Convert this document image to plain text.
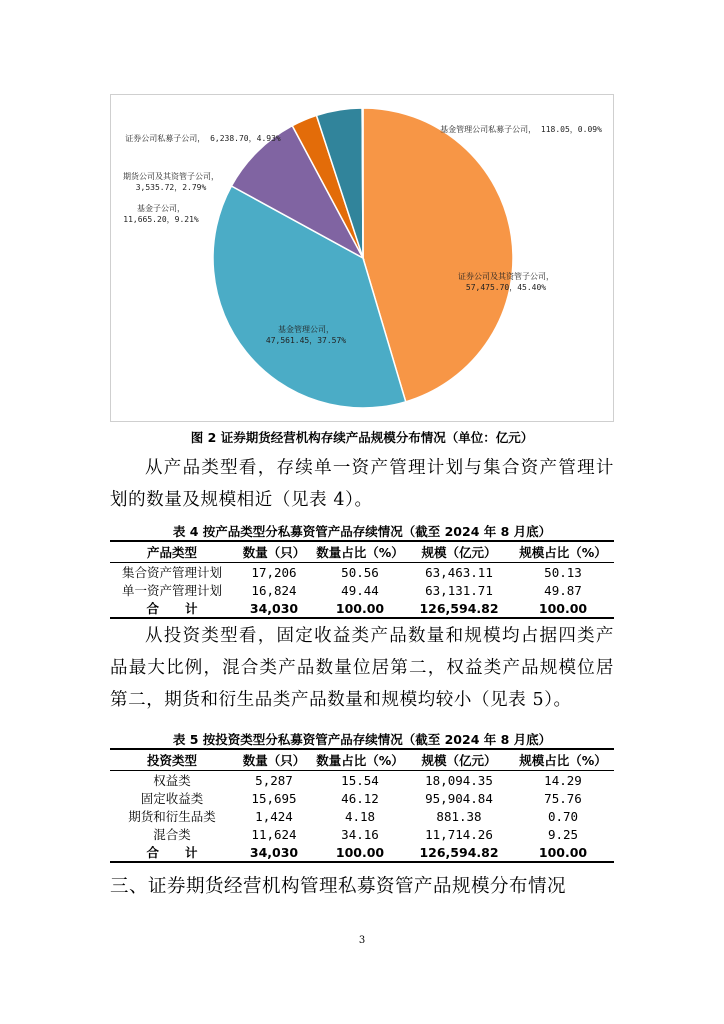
证券公司及其资管子公司， 57,475.70，45.40%
基金管理公司， 47,561.45，37.57%
基金子公司， 11,665.20，9.21%
期货公司及其资管子公司， 3,535.72，2.79%
证券公司私募子公司， 6,238.70，4.93%
基金管理公司私募子公司， 118.05，0.09%
图 2 证券期货经营机构存续产品规模分布情况（单位：亿元）

从产品类型看，存续单一资产管理计划与集合资产管理计划的数量及规模相近（见表 4）。

表 4 按产品类型分私募资管产品存续情况（截至 2024 年 8 月底）
产品类型	数量（只）	数量占比（%）	规模（亿元）	规模占比（%）
集合资产管理计划	17,206	50.56	63,463.11	50.13
单一资产管理计划	16,824	49.44	63,131.71	49.87
合      计	34,030	100.00	126,594.82	100.00

从投资类型看，固定收益类产品数量和规模均占据四类产品最大比例，混合类产品数量位居第二，权益类产品规模位居第二，期货和衍生品类产品数量和规模均较小（见表 5）。

表 5 按投资类型分私募资管产品存续情况（截至 2024 年 8 月底）
投资类型	数量（只）	数量占比（%）	规模（亿元）	规模占比（%）
权益类	5,287	15.54	18,094.35	14.29
固定收益类	15,695	46.12	95,904.84	75.76
期货和衍生品类	1,424	4.18	881.38	0.70
混合类	11,624	34.16	11,714.26	9.25
合      计	34,030	100.00	126,594.82	100.00
三、证券期货经营机构管理私募资管产品规模分布情况
3
